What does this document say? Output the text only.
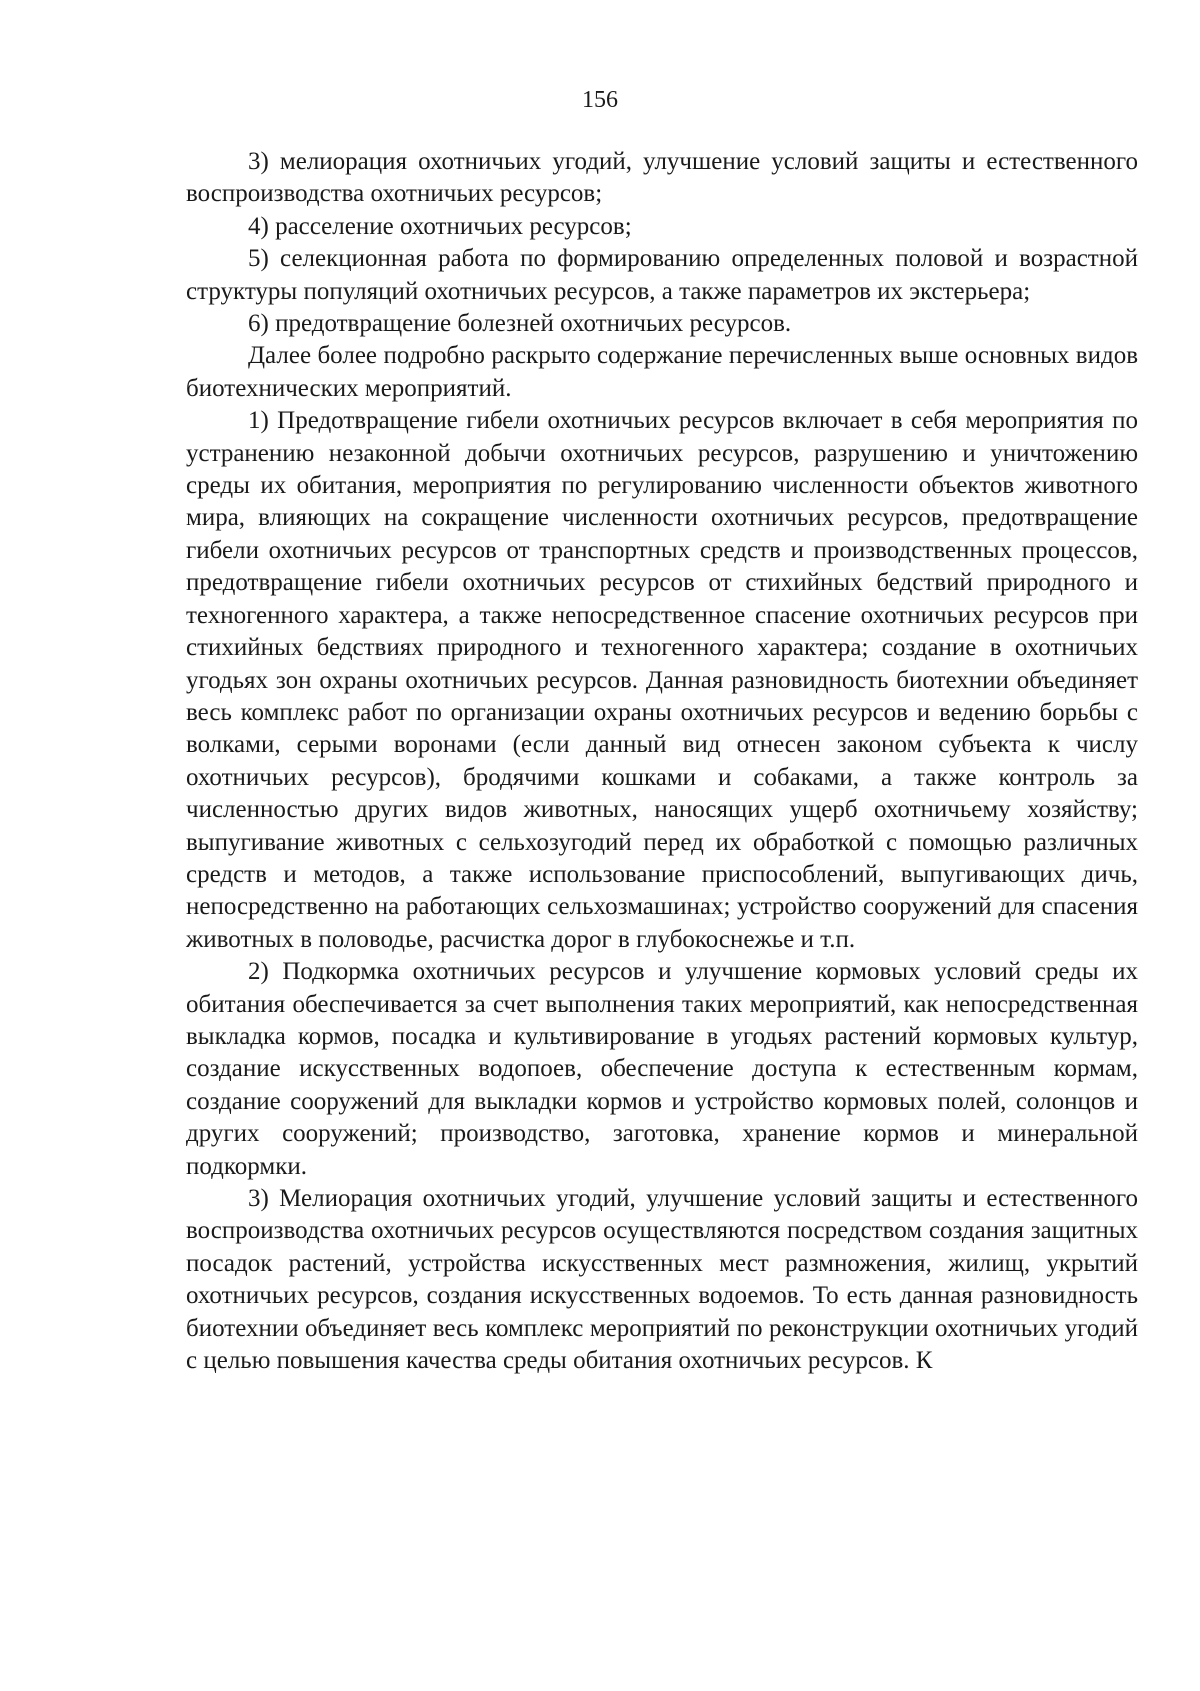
156

3) мелиорация охотничьих угодий, улучшение условий защиты и естественного воспроизводства охотничьих ресурсов;

4) расселение охотничьих ресурсов;

5) селекционная работа по формированию определенных половой и возрастной структуры популяций охотничьих ресурсов, а также параметров их экстерьера;

6) предотвращение болезней охотничьих ресурсов.

Далее более подробно раскрыто содержание перечисленных выше основных видов биотехнических мероприятий.

1) Предотвращение гибели охотничьих ресурсов включает в себя мероприятия по устранению незаконной добычи охотничьих ресурсов, разрушению и уничтожению среды их обитания, мероприятия по регулированию численности объектов животного мира, влияющих на сокращение численности охотничьих ресурсов, предотвращение гибели охотничьих ресурсов от транспортных средств и производственных процессов, предотвращение гибели охотничьих ресурсов от стихийных бедствий природного и техногенного характера, а также непосредственное спасение охотничьих ресурсов при стихийных бедствиях природного и техногенного характера; создание в охотничьих угодьях зон охраны охотничьих ресурсов. Данная разновидность биотехнии объединяет весь комплекс работ по организации охраны охотничьих ресурсов и ведению борьбы с волками, серыми воронами (если данный вид отнесен законом субъекта к числу охотничьих ресурсов), бродячими кошками и собаками, а также контроль за численностью других видов животных, наносящих ущерб охотничьему хозяйству; выпугивание животных с сельхозугодий перед их обработкой с помощью различных средств и методов, а также использование приспособлений, выпугивающих дичь, непосредственно на работающих сельхозмашинах; устройство сооружений для спасения животных в половодье, расчистка дорог в глубокоснежье и т.п.

2) Подкормка охотничьих ресурсов и улучшение кормовых условий среды их обитания обеспечивается за счет выполнения таких мероприятий, как непосредственная выкладка кормов, посадка и культивирование в угодьях растений кормовых культур, создание искусственных водопоев, обеспечение доступа к естественным кормам, создание сооружений для выкладки кормов и устройство кормовых полей, солонцов и других сооружений; производство, заготовка, хранение кормов и минеральной подкормки.

3) Мелиорация охотничьих угодий, улучшение условий защиты и естественного воспроизводства охотничьих ресурсов осуществляются посредством создания защитных посадок растений, устройства искусственных мест размножения, жилищ, укрытий охотничьих ресурсов, создания искусственных водоемов. То есть данная разновидность биотехнии объединяет весь комплекс мероприятий по реконструкции охотничьих угодий с целью повышения качества среды обитания охотничьих ресурсов. К
